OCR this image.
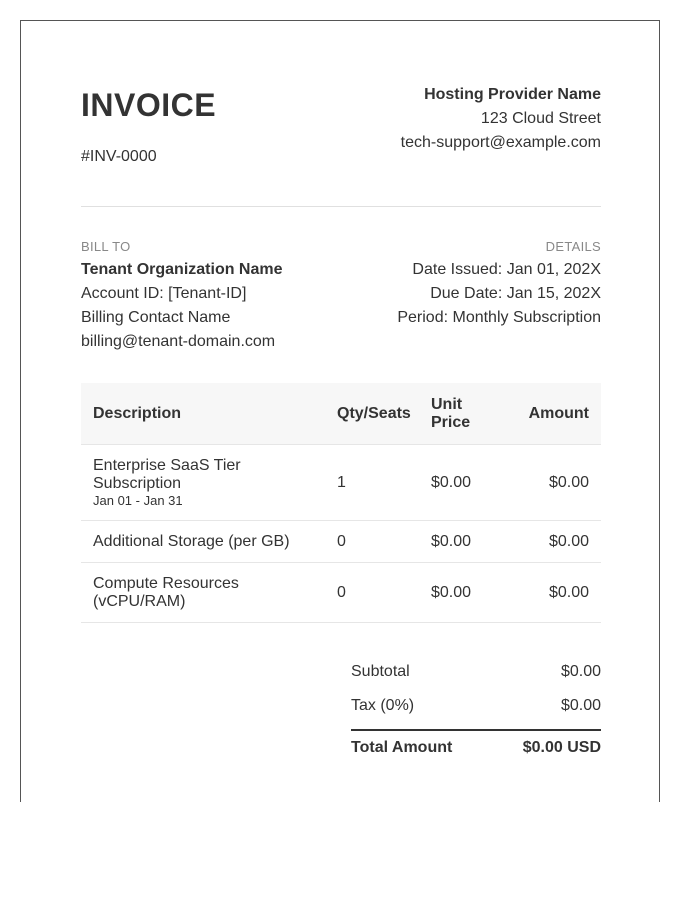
INVOICE
#INV-0000
Hosting Provider Name
123 Cloud Street
tech-support@example.com
BILL TO
Tenant Organization Name
Account ID: [Tenant-ID]
Billing Contact Name
billing@tenant-domain.com
DETAILS
Date Issued: Jan 01, 202X
Due Date: Jan 15, 202X
Period: Monthly Subscription
Description	Qty/Seats	Unit Price	Amount
Enterprise SaaS Tier Subscription
Jan 01 - Jan 31	1	$0.00	$0.00
Additional Storage (per GB)	0	$0.00	$0.00
Compute Resources (vCPU/RAM)	0	$0.00	$0.00
Subtotal	$0.00
Tax (0%)	$0.00
Total Amount	$0.00 USD
